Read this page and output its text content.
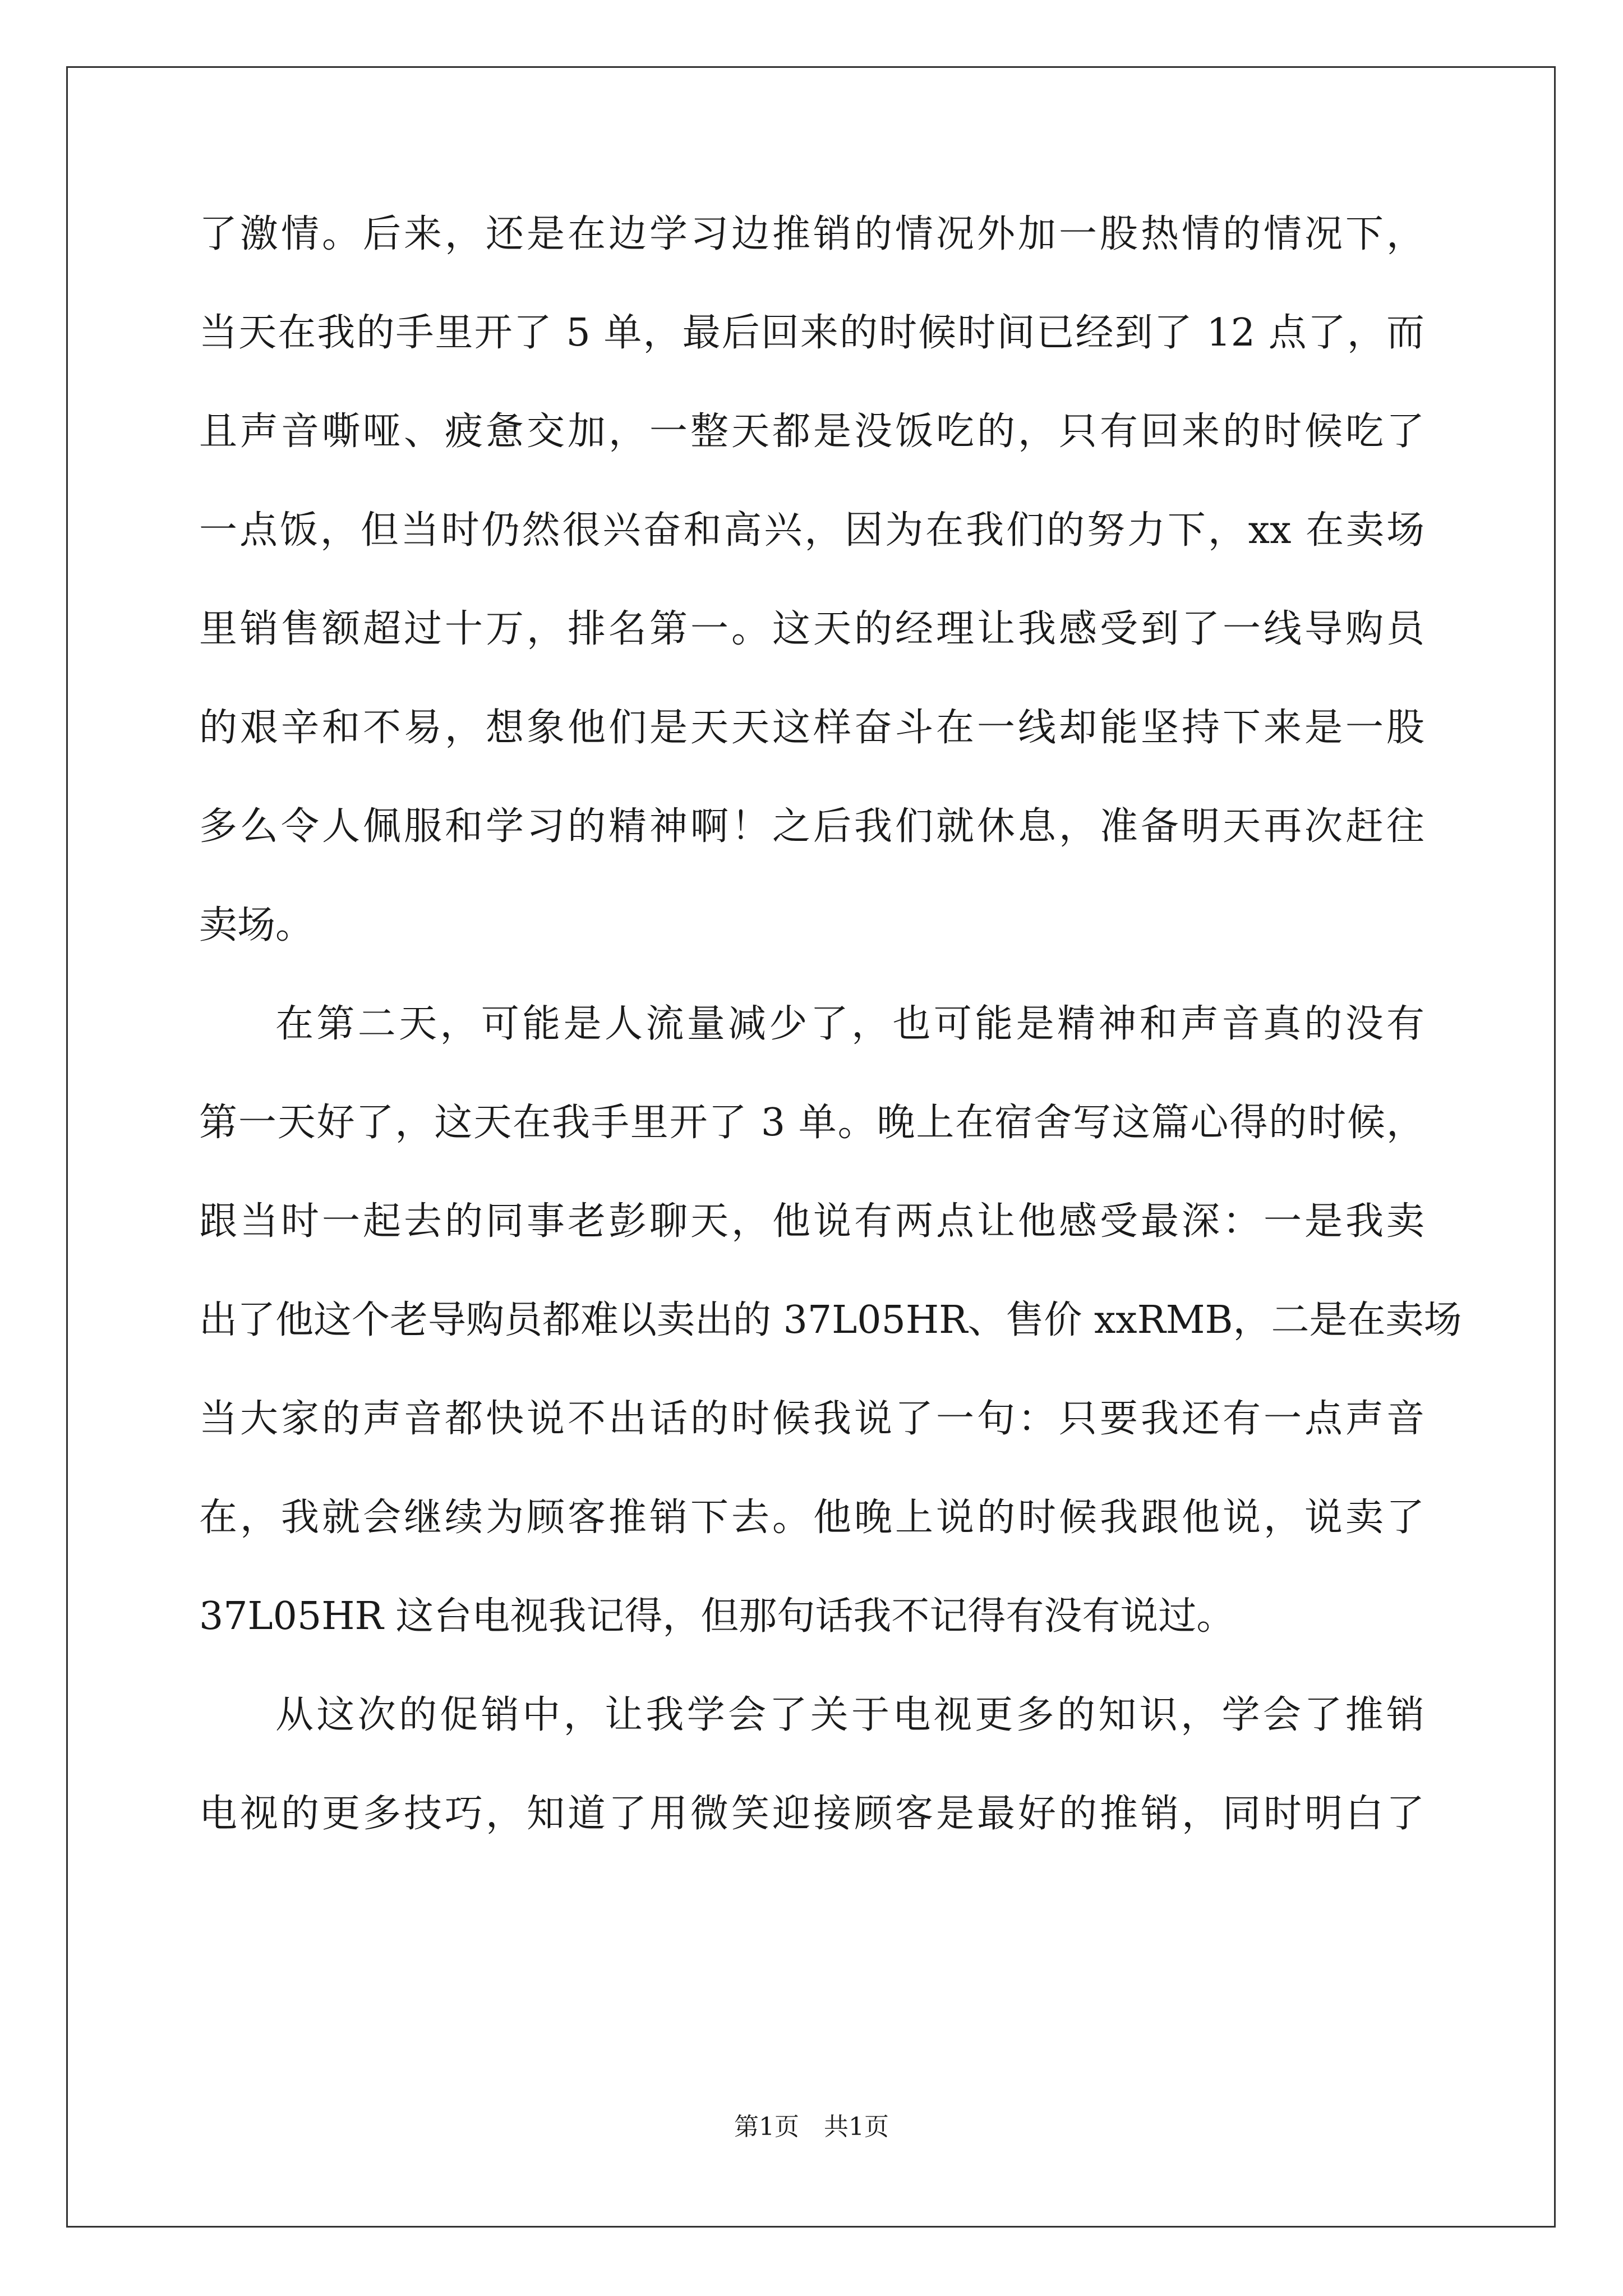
了激情。后来，还是在边学习边推销的情况外加一股热情的情况下，
当天在我的手里开了 5 单，最后回来的时候时间已经到了 12 点了，而
且声音嘶哑、疲惫交加，一整天都是没饭吃的，只有回来的时候吃了
一点饭，但当时仍然很兴奋和高兴，因为在我们的努力下，xx 在卖场
里销售额超过十万，排名第一。这天的经理让我感受到了一线导购员
的艰辛和不易，想象他们是天天这样奋斗在一线却能坚持下来是一股
多么令人佩服和学习的精神啊！之后我们就休息，准备明天再次赶往
卖场。
在第二天，可能是人流量减少了，也可能是精神和声音真的没有
第一天好了，这天在我手里开了 3 单。晚上在宿舍写这篇心得的时候，
跟当时一起去的同事老彭聊天，他说有两点让他感受最深：一是我卖
出了他这个老导购员都难以卖出的 37L05HR、售价 xxRMB，二是在卖场
当大家的声音都快说不出话的时候我说了一句：只要我还有一点声音
在，我就会继续为顾客推销下去。他晚上说的时候我跟他说，说卖了
37L05HR 这台电视我记得，但那句话我不记得有没有说过。
从这次的促销中，让我学会了关于电视更多的知识，学会了推销
电视的更多技巧，知道了用微笑迎接顾客是最好的推销，同时明白了
第1页　共1页
